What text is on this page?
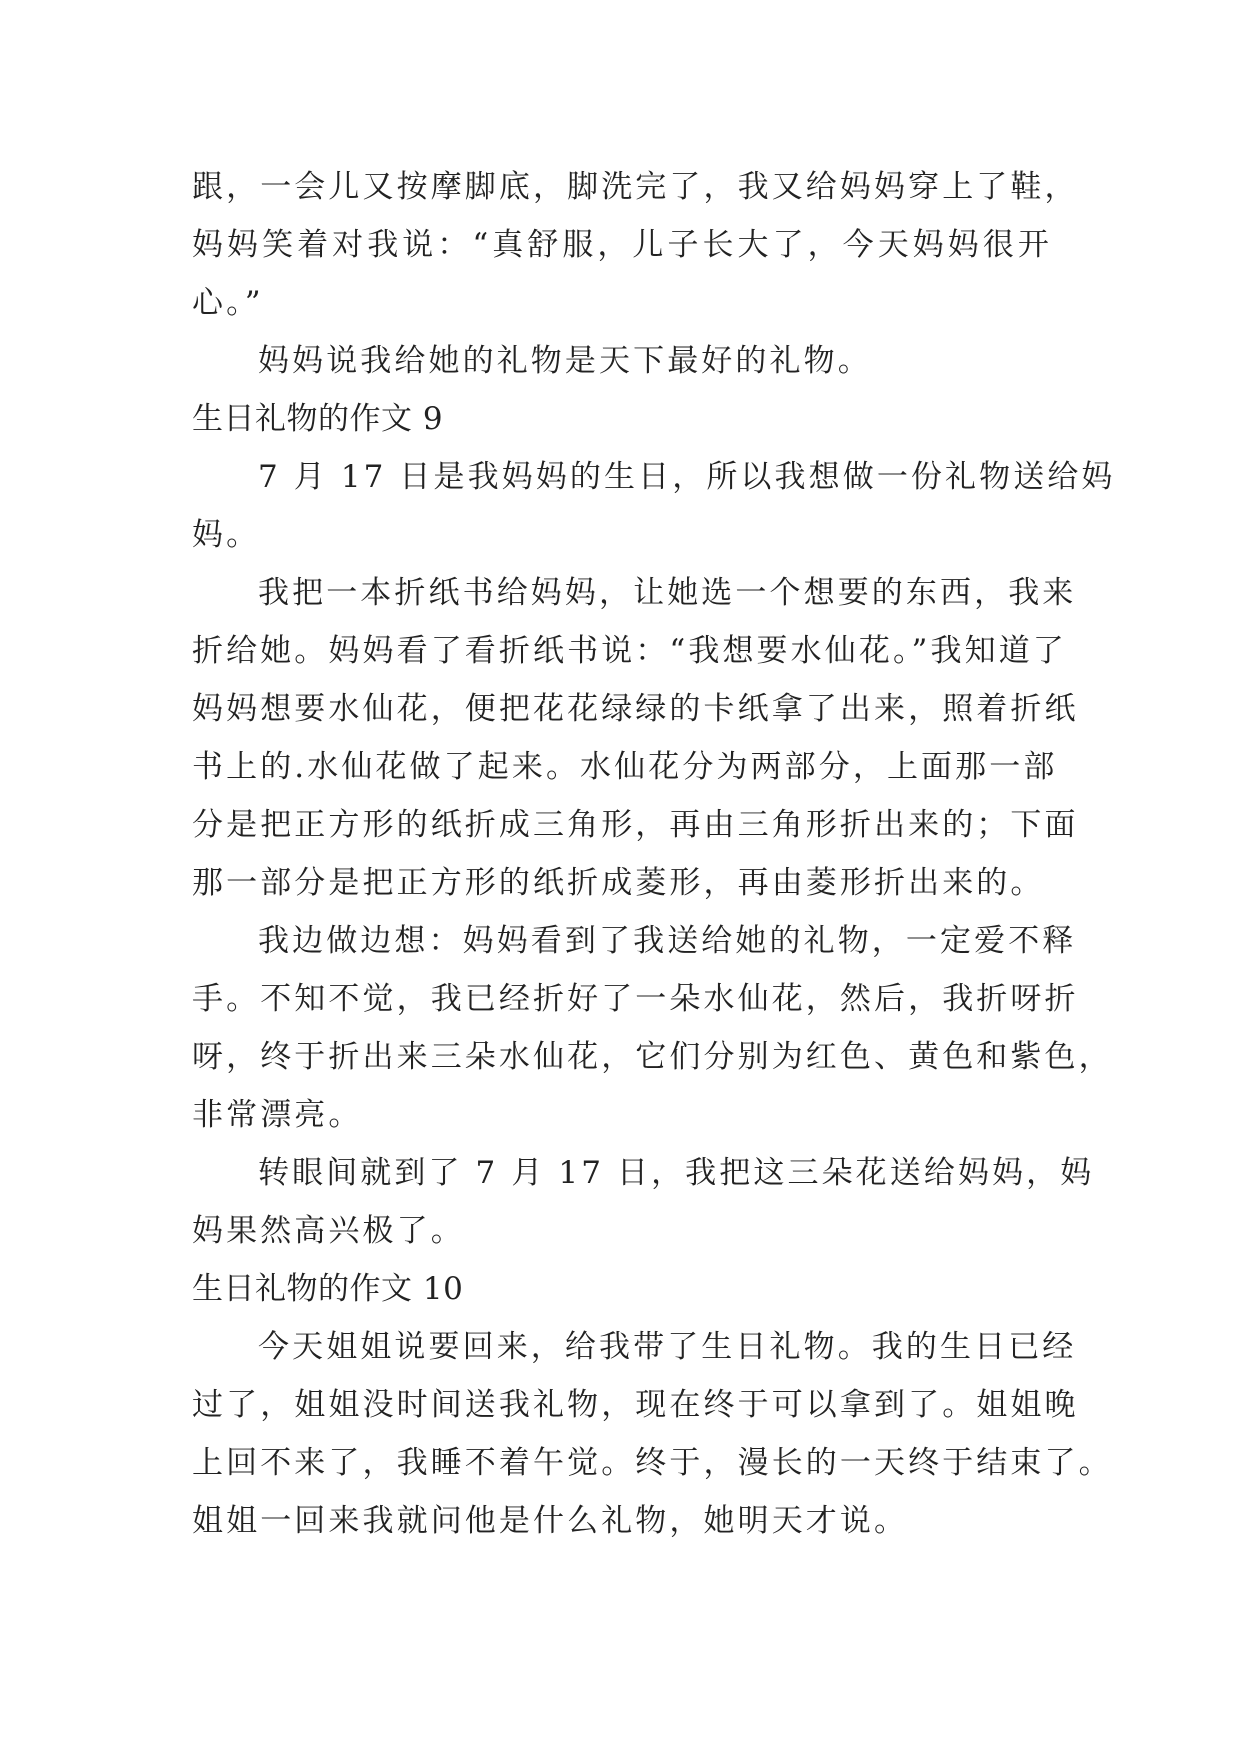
跟，一会儿又按摩脚底，脚洗完了，我又给妈妈穿上了鞋，
妈妈笑着对我说：“真舒服，儿子长大了，今天妈妈很开
心。”
妈妈说我给她的礼物是天下最好的礼物。
生日礼物的作文 9
7 月 17 日是我妈妈的生日，所以我想做一份礼物送给妈
妈。
我把一本折纸书给妈妈，让她选一个想要的东西，我来
折给她。妈妈看了看折纸书说：“我想要水仙花。”我知道了
妈妈想要水仙花，便把花花绿绿的卡纸拿了出来，照着折纸
书上的.水仙花做了起来。水仙花分为两部分，上面那一部
分是把正方形的纸折成三角形，再由三角形折出来的；下面
那一部分是把正方形的纸折成菱形，再由菱形折出来的。
我边做边想：妈妈看到了我送给她的礼物，一定爱不释
手。不知不觉，我已经折好了一朵水仙花，然后，我折呀折
呀，终于折出来三朵水仙花，它们分别为红色、黄色和紫色，
非常漂亮。
转眼间就到了 7 月 17 日，我把这三朵花送给妈妈，妈
妈果然高兴极了。
生日礼物的作文 10
今天姐姐说要回来，给我带了生日礼物。我的生日已经
过了，姐姐没时间送我礼物，现在终于可以拿到了。姐姐晚
上回不来了，我睡不着午觉。终于，漫长的一天终于结束了。
姐姐一回来我就问他是什么礼物，她明天才说。
